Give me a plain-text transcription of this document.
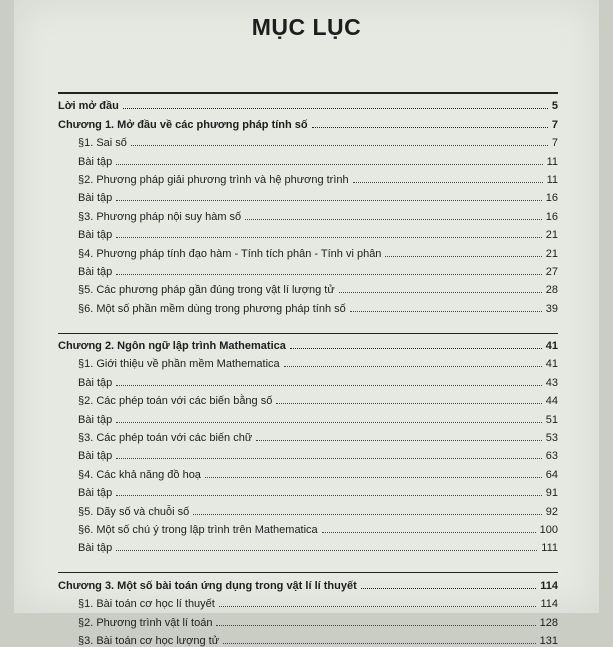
MỤC LỤC
Lời mở đầu	5
Chương 1. Mở đầu về các phương pháp tính số	7
§1. Sai số	7
Bài tập	11
§2. Phương pháp giải phương trình và hệ phương trình	11
Bài tập	16
§3. Phương pháp nội suy hàm số	16
Bài tập	21
§4. Phương pháp tính đạo hàm - Tính tích phân - Tính vi phân	21
Bài tập	27
§5. Các phương pháp gần đúng trong vật lí lượng tử	28
§6. Một số phần mềm dùng trong phương pháp tính số	39
Chương 2. Ngôn ngữ lập trình Mathematica	41
§1. Giới thiệu về phần mềm Mathematica	41
Bài tập	43
§2. Các phép toán với các biến bằng số	44
Bài tập	51
§3. Các phép toán với các biến chữ	53
Bài tập	63
§4. Các khả năng đồ hoạ	64
Bài tập	91
§5. Dãy số và chuỗi số	92
§6. Một số chú ý trong lập trình trên Mathematica	100
Bài tập	111
Chương 3. Một số bài toán ứng dụng trong vật lí lí thuyết	114
§1. Bài toán cơ học lí thuyết	114
§2. Phương trình vật lí toán	128
§3. Bài toán cơ học lượng tử	131
